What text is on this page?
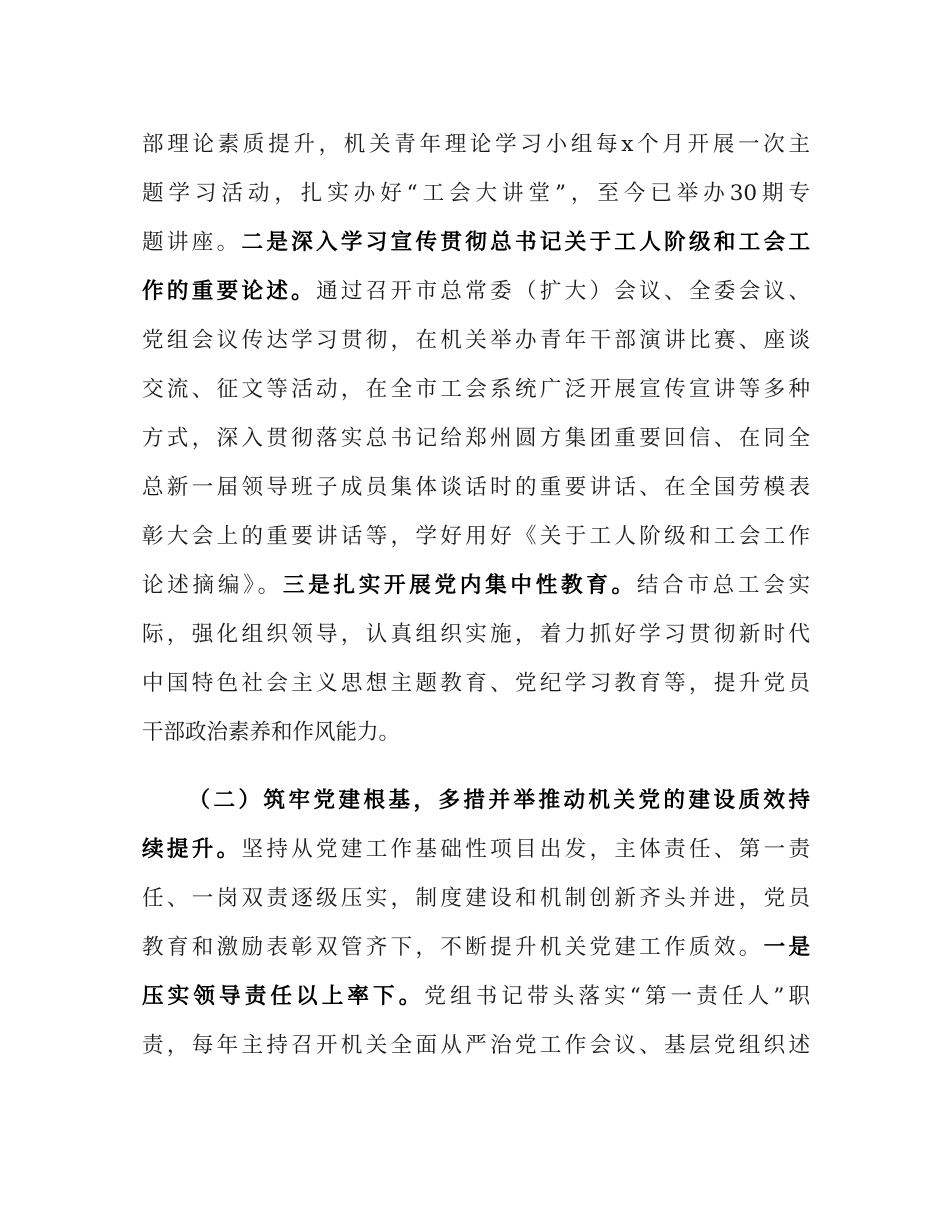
部理论素质提升，机关青年理论学习小组每x个月开展一次主
题学习活动，扎实办好“工会大讲堂”，至今已举办30期专
题讲座。二是深入学习宣传贯彻总书记关于工人阶级和工会工
作的重要论述。通过召开市总常委（扩大）会议、全委会议、
党组会议传达学习贯彻，在机关举办青年干部演讲比赛、座谈
交流、征文等活动，在全市工会系统广泛开展宣传宣讲等多种
方式，深入贯彻落实总书记给郑州圆方集团重要回信、在同全
总新一届领导班子成员集体谈话时的重要讲话、在全国劳模表
彰大会上的重要讲话等，学好用好《关于工人阶级和工会工作
论述摘编》。三是扎实开展党内集中性教育。结合市总工会实
际，强化组织领导，认真组织实施，着力抓好学习贯彻新时代
中国特色社会主义思想主题教育、党纪学习教育等，提升党员
干部政治素养和作风能力。
（二）筑牢党建根基，多措并举推动机关党的建设质效持
续提升。坚持从党建工作基础性项目出发，主体责任、第一责
任、一岗双责逐级压实，制度建设和机制创新齐头并进，党员
教育和激励表彰双管齐下，不断提升机关党建工作质效。一是
压实领导责任以上率下。党组书记带头落实“第一责任人”职
责，每年主持召开机关全面从严治党工作会议、基层党组织述
